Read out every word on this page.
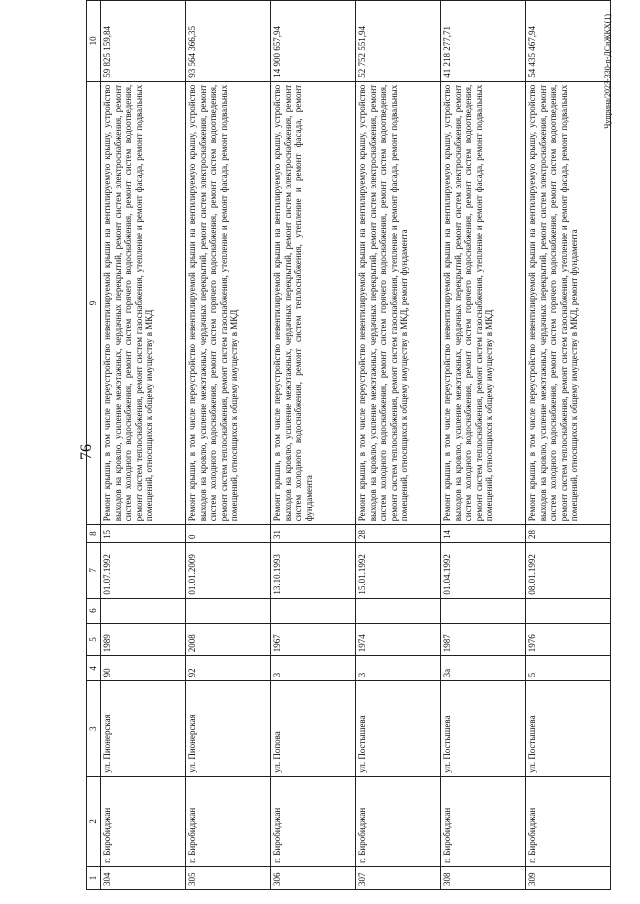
76
1	2	3	4	5	6	7	8	9	10
304	г. Биробиджан	ул. Пионерская	90	1989		01.07.1992	15	Ремонт крыши, в том числе переустройство невентилируемой крыши на вентилируемую крышу, устройство выходов на кровлю, усиление межэтажных, чердачных перекрытий, ремонт систем электроснабжения, ремонт систем холодного водоснабжения, ремонт систем горячего водоснабжения, ремонт систем водоотведения, ремонт систем теплоснабжения, ремонт систем газоснабжения, утепление и ремонт фасада, ремонт подвальных помещений, относящихся к общему имуществу в МКД	59 825 159,84
305	г. Биробиджан	ул. Пионерская	92	2008		01.01.2009	0	Ремонт крыши, в том числе переустройство невентилируемой крыши на вентилируемую крышу, устройство выходов на кровлю, усиление межэтажных, чердачных перекрытий, ремонт систем электроснабжения, ремонт систем холодного водоснабжения, ремонт систем горячего водоснабжения, ремонт систем водоотведения, ремонт систем теплоснабжения, ремонт систем газоснабжения, утепление и ремонт фасада, ремонт подвальных помещений, относящихся к общему имуществу в МКД	93 564 366,35
306	г. Биробиджан	ул. Попова	3	1967		13.10.1993	31	Ремонт крыши, в том числе переустройство невентилируемой крыши на вентилируемую крышу, устройство выходов на кровлю, усиление межэтажных, чердачных перекрытий, ремонт систем электроснабжения, ремонт систем холодного водоснабжения, ремонт систем теплоснабжения, утепление и ремонт фасада, ремонт фундамента	14 900 657,94
307	г. Биробиджан	ул. Постышева	3	1974		15.01.1992	28	Ремонт крыши, в том числе переустройство невентилируемой крыши на вентилируемую крышу, устройство выходов на кровлю, усиление межэтажных, чердачных перекрытий, ремонт систем электроснабжения, ремонт систем холодного водоснабжения, ремонт систем горячего водоснабжения, ремонт систем водоотведения, ремонт систем теплоснабжения, ремонт систем газоснабжения, утепление и ремонт фасада, ремонт подвальных помещений, относящихся к общему имуществу в МКД, ремонт фундамента	52 752 551,94
308	г. Биробиджан	ул. Постышева	3а	1987		01.04.1992	14	Ремонт крыши, в том числе переустройство невентилируемой крыши на вентилируемую крышу, устройство выходов на кровлю, усиление межэтажных, чердачных перекрытий, ремонт систем электроснабжения, ремонт систем холодного водоснабжения, ремонт систем горячего водоснабжения, ремонт систем водоотведения, ремонт систем теплоснабжения, ремонт систем газоснабжения, утепление и ремонт фасада, ремонт подвальных помещений, относящихся к общему имуществу в МКД	41 218 277,71
309	г. Биробиджан	ул. Постышева	5	1976		08.01.1992	28	Ремонт крыши, в том числе переустройство невентилируемой крыши на вентилируемую крышу, устройство выходов на кровлю, усиление межэтажных, чердачных перекрытий, ремонт систем электроснабжения, ремонт систем холодного водоснабжения, ремонт систем горячего водоснабжения, ремонт систем водоотведения, ремонт систем теплоснабжения, ремонт систем газоснабжения, утепление и ремонт фасада, ремонт подвальных помещений, относящихся к общему имуществу в МКД, ремонт фундамента	54 435 467,94	Чуприна/2023-330-п-ДСиЖКХ(1)
